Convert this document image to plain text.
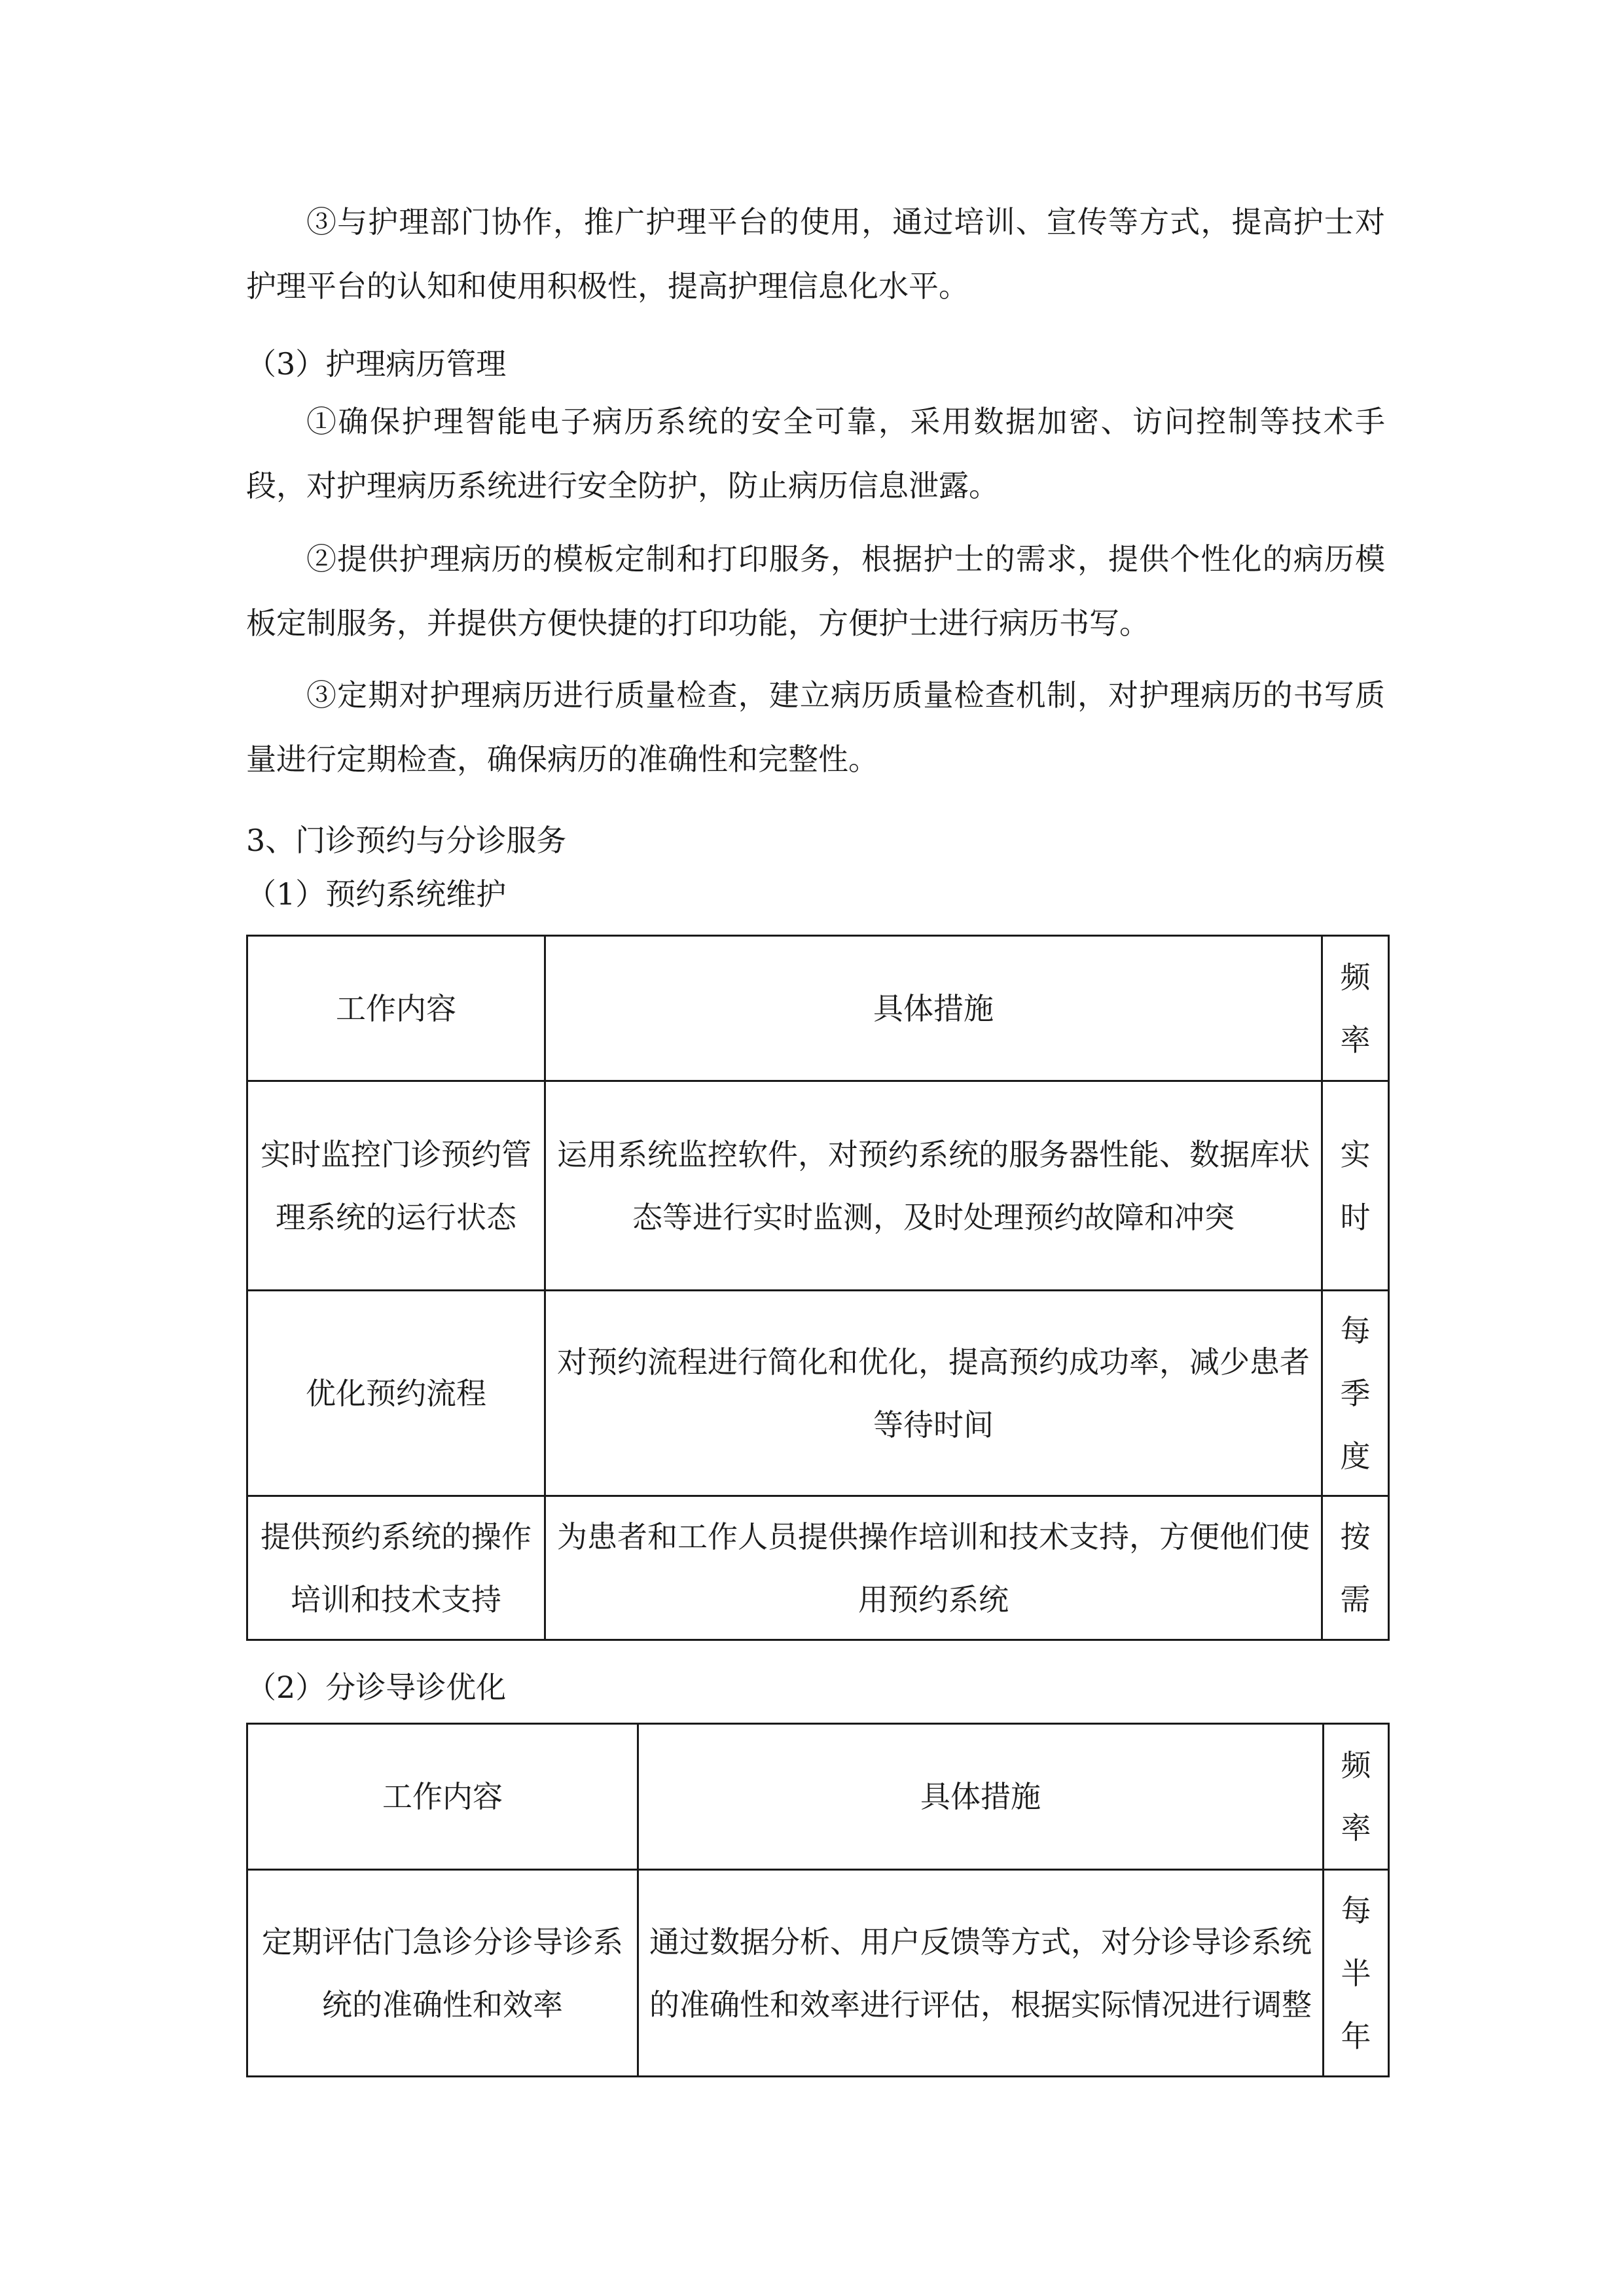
③与护理部门协作，推广护理平台的使用，通过培训、宣传等方式，提高护士对护理平台的认知和使用积极性，提高护理信息化水平。

（3）护理病历管理

①确保护理智能电子病历系统的安全可靠，采用数据加密、访问控制等技术手段，对护理病历系统进行安全防护，防止病历信息泄露。

②提供护理病历的模板定制和打印服务，根据护士的需求，提供个性化的病历模板定制服务，并提供方便快捷的打印功能，方便护士进行病历书写。

③定期对护理病历进行质量检查，建立病历质量检查机制，对护理病历的书写质量进行定期检查，确保病历的准确性和完整性。

3、门诊预约与分诊服务

（1）预约系统维护

工作内容	具体措施	频率
实时监控门诊预约管理系统的运行状态	运用系统监控软件，对预约系统的服务器性能、数据库状态等进行实时监测，及时处理预约故障和冲突	实时
优化预约流程	对预约流程进行简化和优化，提高预约成功率，减少患者等待时间	每季度
提供预约系统的操作培训和技术支持	为患者和工作人员提供操作培训和技术支持，方便他们使用预约系统	按需

（2）分诊导诊优化

工作内容	具体措施	频率
定期评估门急诊分诊导诊系统的准确性和效率	通过数据分析、用户反馈等方式，对分诊导诊系统的准确性和效率进行评估，根据实际情况进行调整	每半年
